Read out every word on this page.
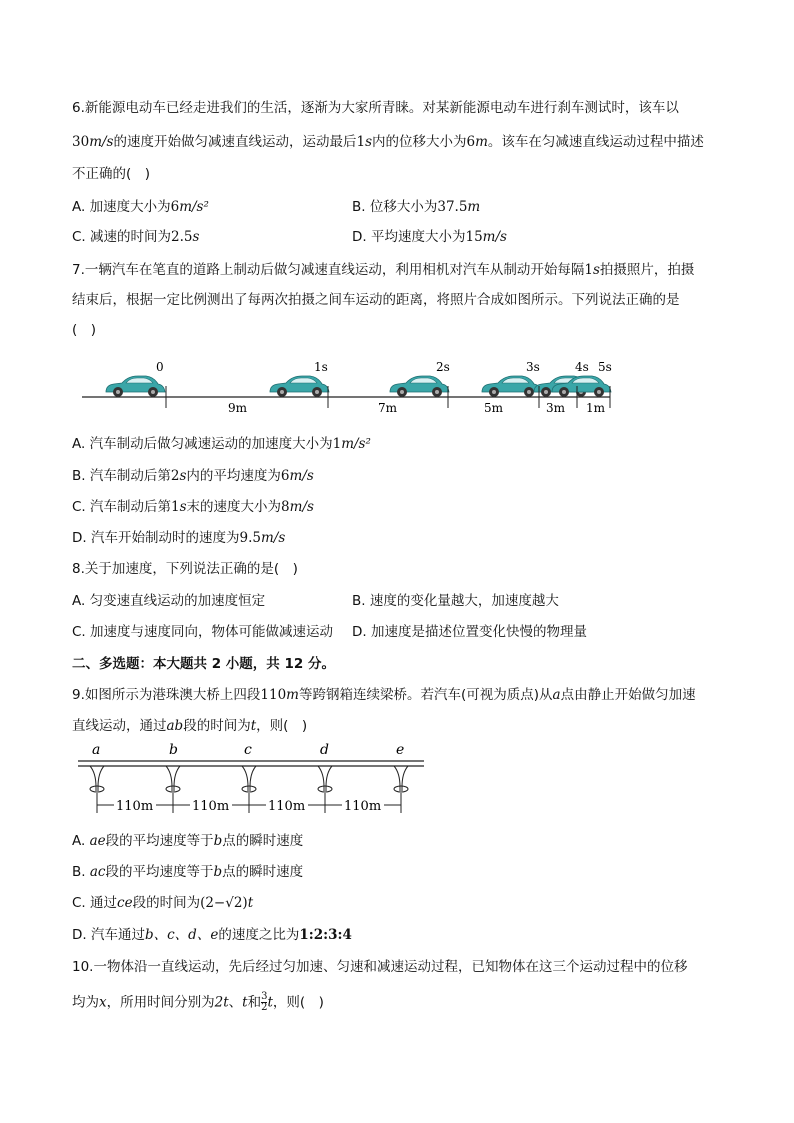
6.新能源电动车已经走进我们的生活，逐渐为大家所青睐。对某新能源电动车进行刹车测试时，该车以
30m/s的速度开始做匀减速直线运动，运动最后1s内的位移大小为6m。该车在匀减速直线运动过程中描述
不正确的(　)
A. 加速度大小为6m/s²	B. 位移大小为37.5m
C. 减速的时间为2.5s	D. 平均速度大小为15m/s
7.一辆汽车在笔直的道路上制动后做匀减速直线运动，利用相机对汽车从制动开始每隔1s拍摄照片，拍摄
结束后，根据一定比例测出了每两次拍摄之间车运动的距离，将照片合成如图所示。下列说法正确的是
(　)
0	1s	2s	3s	4s 5s
9m	7m	5m	3m 1m
A. 汽车制动后做匀减速运动的加速度大小为1m/s²
B. 汽车制动后第2s内的平均速度为6m/s
C. 汽车制动后第1s末的速度大小为8m/s
D. 汽车开始制动时的速度为9.5m/s
8.关于加速度，下列说法正确的是(　)
A. 匀变速直线运动的加速度恒定	B. 速度的变化量越大，加速度越大
C. 加速度与速度同向，物体可能做减速运动 D. 加速度是描述位置变化快慢的物理量
二、多选题：本大题共 2 小题，共 12 分。
9.如图所示为港珠澳大桥上四段110m等跨钢箱连续梁桥。若汽车(可视为质点)从a点由静止开始做匀加速
直线运动，通过ab段的时间为t，则(　)
a	b	c	d	e
110m	110m	110m	110m
A. ae段的平均速度等于b点的瞬时速度
B. ac段的平均速度等于b点的瞬时速度
C. 通过ce段的时间为(2−√2)t
D. 汽车通过b、c、d、e的速度之比为1:2:3:4
10.一物体沿一直线运动，先后经过匀加速、匀速和减速运动过程，已知物体在这三个运动过程中的位移
均为x，所用时间分别为2t、t和 $\frac{3}{2}$ t，则(　)
